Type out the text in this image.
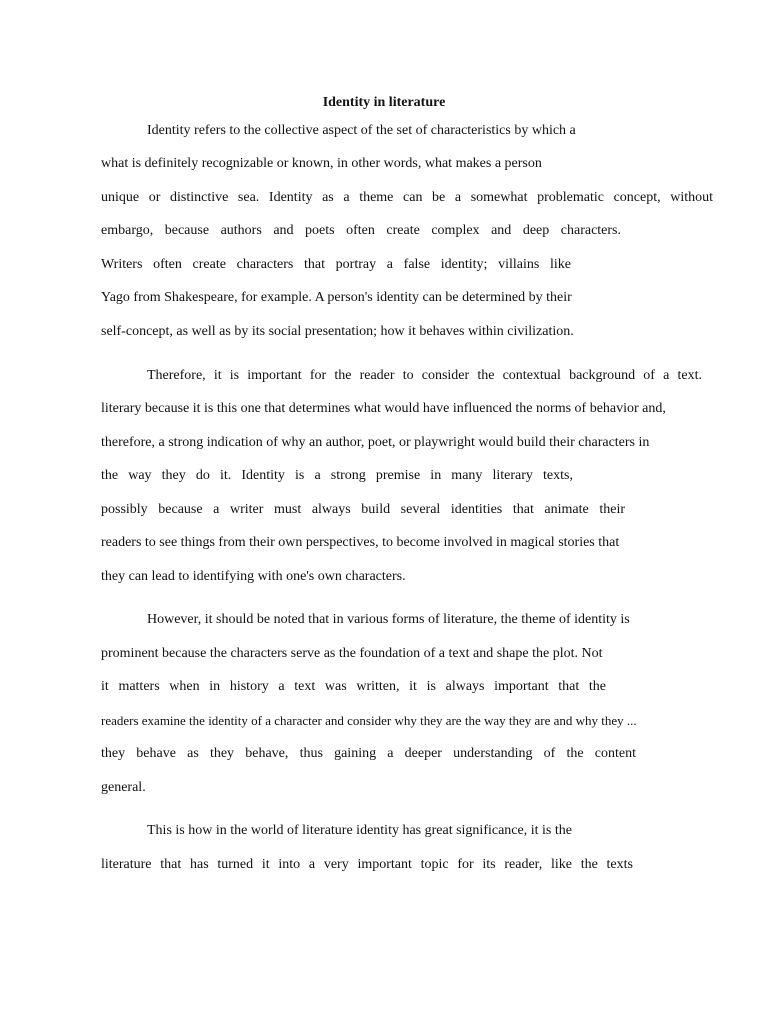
Identity in literature
Identity refers to the collective aspect of the set of characteristics by which a
what is definitely recognizable or known, in other words, what makes a person
unique or distinctive sea. Identity as a theme can be a somewhat problematic concept, without
embargo, because authors and poets often create complex and deep characters.
Writers often create characters that portray a false identity; villains like
Yago from Shakespeare, for example. A person's identity can be determined by their
self-concept, as well as by its social presentation; how it behaves within civilization.
Therefore, it is important for the reader to consider the contextual background of a text.
literary because it is this one that determines what would have influenced the norms of behavior and,
therefore, a strong indication of why an author, poet, or playwright would build their characters in
the way they do it. Identity is a strong premise in many literary texts,
possibly because a writer must always build several identities that animate their
readers to see things from their own perspectives, to become involved in magical stories that
they can lead to identifying with one's own characters.
However, it should be noted that in various forms of literature, the theme of identity is
prominent because the characters serve as the foundation of a text and shape the plot. Not
it matters when in history a text was written, it is always important that the
readers examine the identity of a character and consider why they are the way they are and why they ...
they behave as they behave, thus gaining a deeper understanding of the content
general.
This is how in the world of literature identity has great significance, it is the
literature that has turned it into a very important topic for its reader, like the texts
